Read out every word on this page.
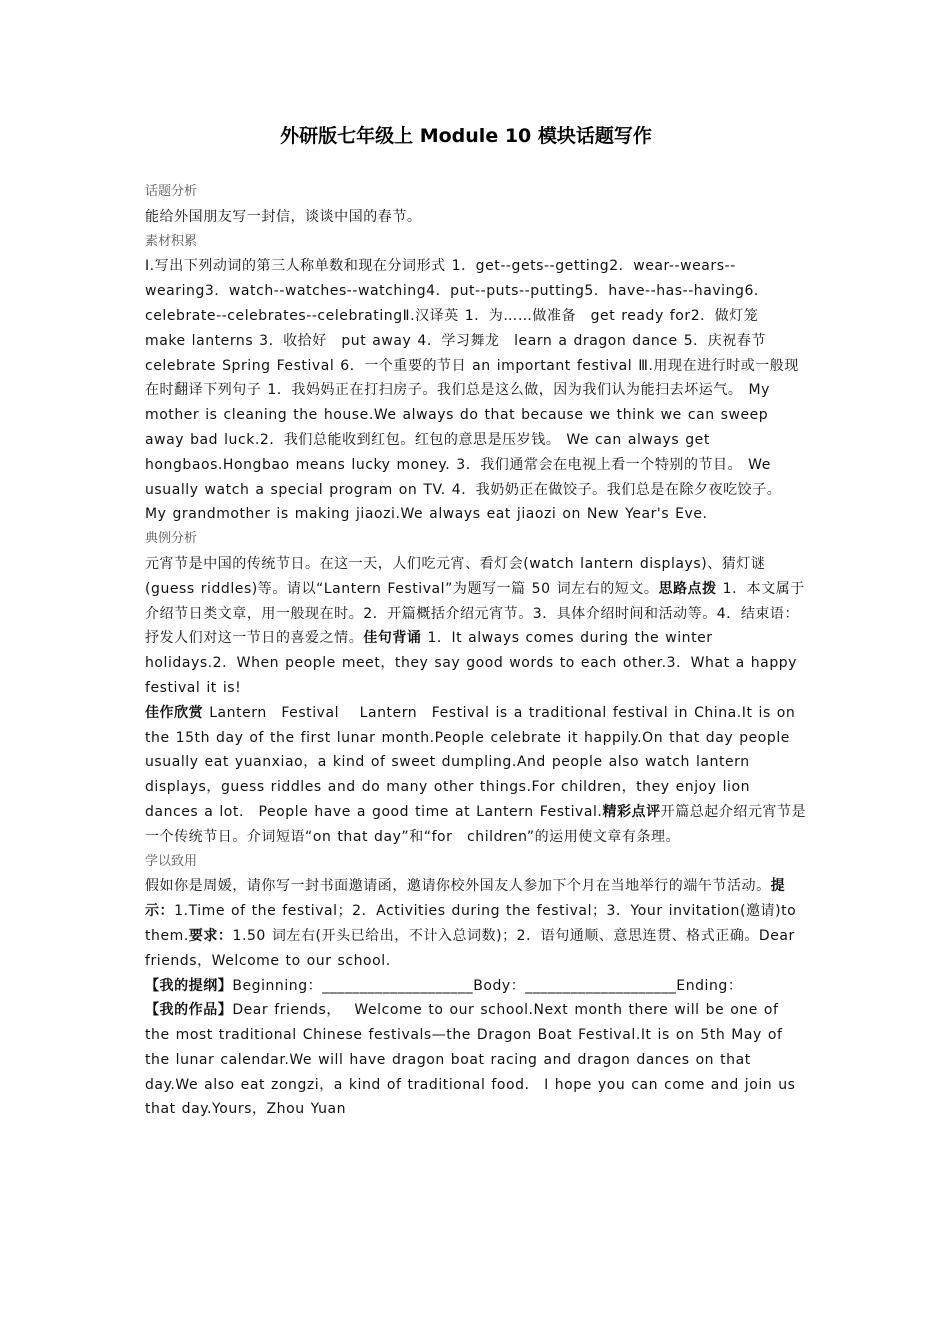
外研版七年级上 Module 10 模块话题写作

话题分析

能给外国朋友写一封信，谈谈中国的春节。

素材积累

I.写出下列动词的第三人称单数和现在分词形式 1．get--gets--getting2．wear--wears--wearing3．watch--watches--watching4．put--puts--putting5．have--has--having6．celebrate--celebrates--celebratingⅡ.汉译英 1．为……做准备　get ready for2．做灯笼　make lanterns 3．收拾好　put away 4．学习舞龙　learn a dragon dance 5．庆祝春节 celebrate Spring Festival 6．一个重要的节日 an important festival Ⅲ.用现在进行时或一般现在时翻译下列句子 1．我妈妈正在打扫房子。我们总是这么做，因为我们认为能扫去坏运气。 My mother is cleaning the house.We always do that because we think we can sweep away bad luck.2．我们总能收到红包。红包的意思是压岁钱。 We can always get hongbaos.Hongbao means lucky money. 3．我们通常会在电视上看一个特别的节目。 We usually watch a special program on TV. 4．我奶奶正在做饺子。我们总是在除夕夜吃饺子。 My grandmother is making jiaozi.We always eat jiaozi on New Year's Eve.

典例分析

元宵节是中国的传统节日。在这一天，人们吃元宵、看灯会(watch lantern displays)、猜灯谜(guess riddles)等。请以“Lantern Festival”为题写一篇 50 词左右的短文。思路点拨 1．本文属于介绍节日类文章，用一般现在时。2．开篇概括介绍元宵节。3．具体介绍时间和活动等。4．结束语：抒发人们对这一节日的喜爱之情。佳句背诵 1．It always comes during the winter holidays.2．When people meet，they say good words to each other.3．What a happy festival it is!

佳作欣赏 Lantern　Festival　 Lantern　Festival is a traditional festival in China.It is on the 15th day of the first lunar month.People celebrate it happily.On that day people usually eat yuanxiao，a kind of sweet dumpling.And people also watch lantern displays，guess riddles and do many other things.For children，they enjoy lion dances a lot.　People have a good time at Lantern Festival.精彩点评开篇总起介绍元宵节是一个传统节日。介词短语“on that day”和“for　children”的运用使文章有条理。

学以致用

假如你是周媛，请你写一封书面邀请函，邀请你校外国友人参加下个月在当地举行的端午节活动。提示：1.Time of the festival；2．Activities during the festival；3．Your invitation(邀请)to them.要求：1.50 词左右(开头已给出，不计入总词数)；2．语句通顺、意思连贯、格式正确。Dear friends，Welcome to our school.

【我的提纲】Beginning：____________________Body：____________________Ending：

【我的作品】Dear friends，　 Welcome to our school.Next month there will be one of the most traditional Chinese festivals—the Dragon Boat Festival.It is on 5th May of the lunar calendar.We will have dragon boat racing and dragon dances on that day.We also eat zongzi，a kind of traditional food.　I hope you can come and join us that day.Yours，Zhou Yuan
